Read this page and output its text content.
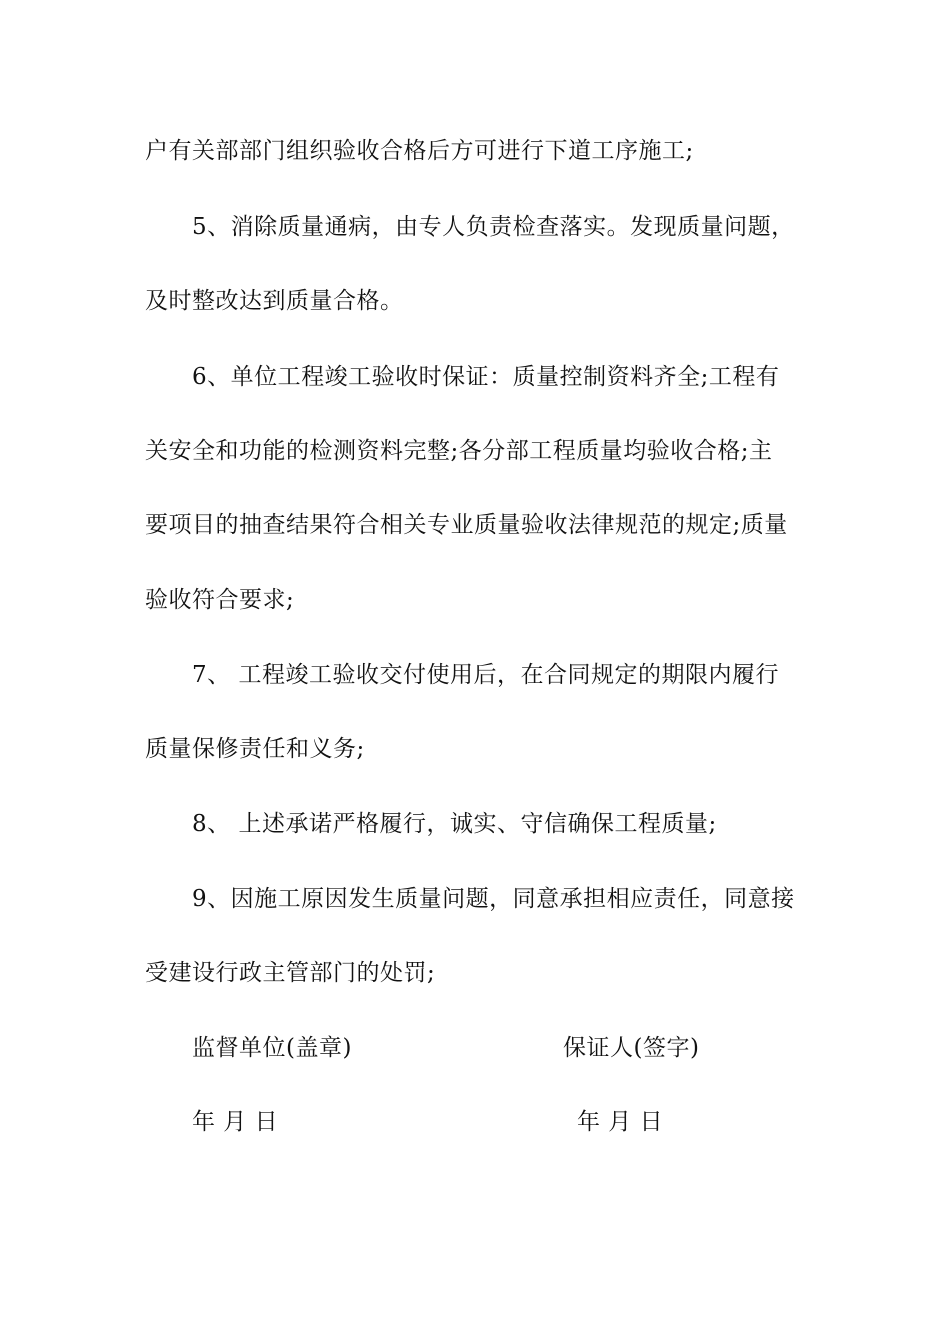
户有关部部门组织验收合格后方可进行下道工序施工;
5、消除质量通病，由专人负责检查落实。发现质量问题，
及时整改达到质量合格。
6、单位工程竣工验收时保证：质量控制资料齐全;工程有
关安全和功能的检测资料完整;各分部工程质量均验收合格;主
要项目的抽查结果符合相关专业质量验收法律规范的规定;质量
验收符合要求;
7、 工程竣工验收交付使用后，在合同规定的期限内履行
质量保修责任和义务;
8、 上述承诺严格履行，诚实、守信确保工程质量;
9、因施工原因发生质量问题，同意承担相应责任，同意接
受建设行政主管部门的处罚;
监督单位(盖章)	保证人(签字)
年 月 日	年 月 日
